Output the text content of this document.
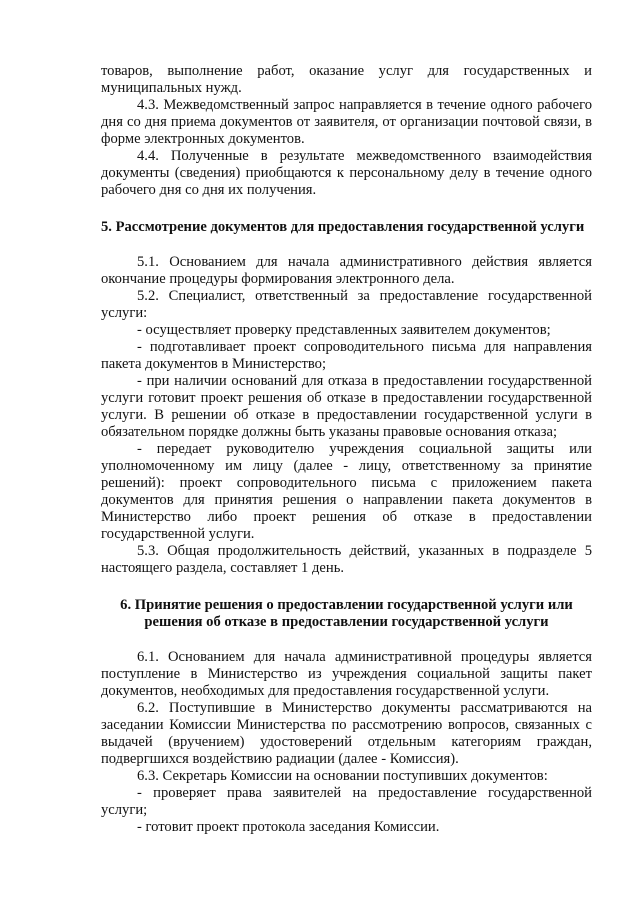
товаров, выполнение работ, оказание услуг для государственных и муниципальных нужд.

4.3. Межведомственный запрос направляется в течение одного рабочего дня со дня приема документов от заявителя, от организации почтовой связи, в форме электронных документов.

4.4. Полученные в результате межведомственного взаимодействия документы (сведения) приобщаются к персональному делу в течение одного рабочего дня со дня их получения.

5. Рассмотрение документов для предоставления государственной услуги

5.1. Основанием для начала административного действия является окончание процедуры формирования электронного дела.

5.2. Специалист, ответственный за предоставление государственной услуги:

- осуществляет проверку представленных заявителем документов;

- подготавливает проект сопроводительного письма для направления пакета документов в Министерство;

- при наличии оснований для отказа в предоставлении государственной услуги готовит проект решения об отказе в предоставлении государственной услуги. В решении об отказе в предоставлении государственной услуги в обязательном порядке должны быть указаны правовые основания отказа;

- передает руководителю учреждения социальной защиты или уполномоченному им лицу (далее - лицу, ответственному за принятие решений): проект сопроводительного письма с приложением пакета документов для принятия решения о направлении пакета документов в Министерство либо проект решения об отказе в предоставлении государственной услуги.

5.3. Общая продолжительность действий, указанных в подразделе 5 настоящего раздела, составляет 1 день.

6. Принятие решения о предоставлении государственной услуги или

решения об отказе в предоставлении государственной услуги

6.1. Основанием для начала административной процедуры является поступление в Министерство из учреждения социальной защиты пакет документов, необходимых для предоставления государственной услуги.

6.2. Поступившие в Министерство документы рассматриваются на заседании Комиссии Министерства по рассмотрению вопросов, связанных с выдачей (вручением) удостоверений отдельным категориям граждан, подвергшихся воздействию радиации (далее - Комиссия).

6.3. Секретарь Комиссии на основании поступивших документов:

- проверяет права заявителей на предоставление государственной услуги;

- готовит проект протокола заседания Комиссии.
